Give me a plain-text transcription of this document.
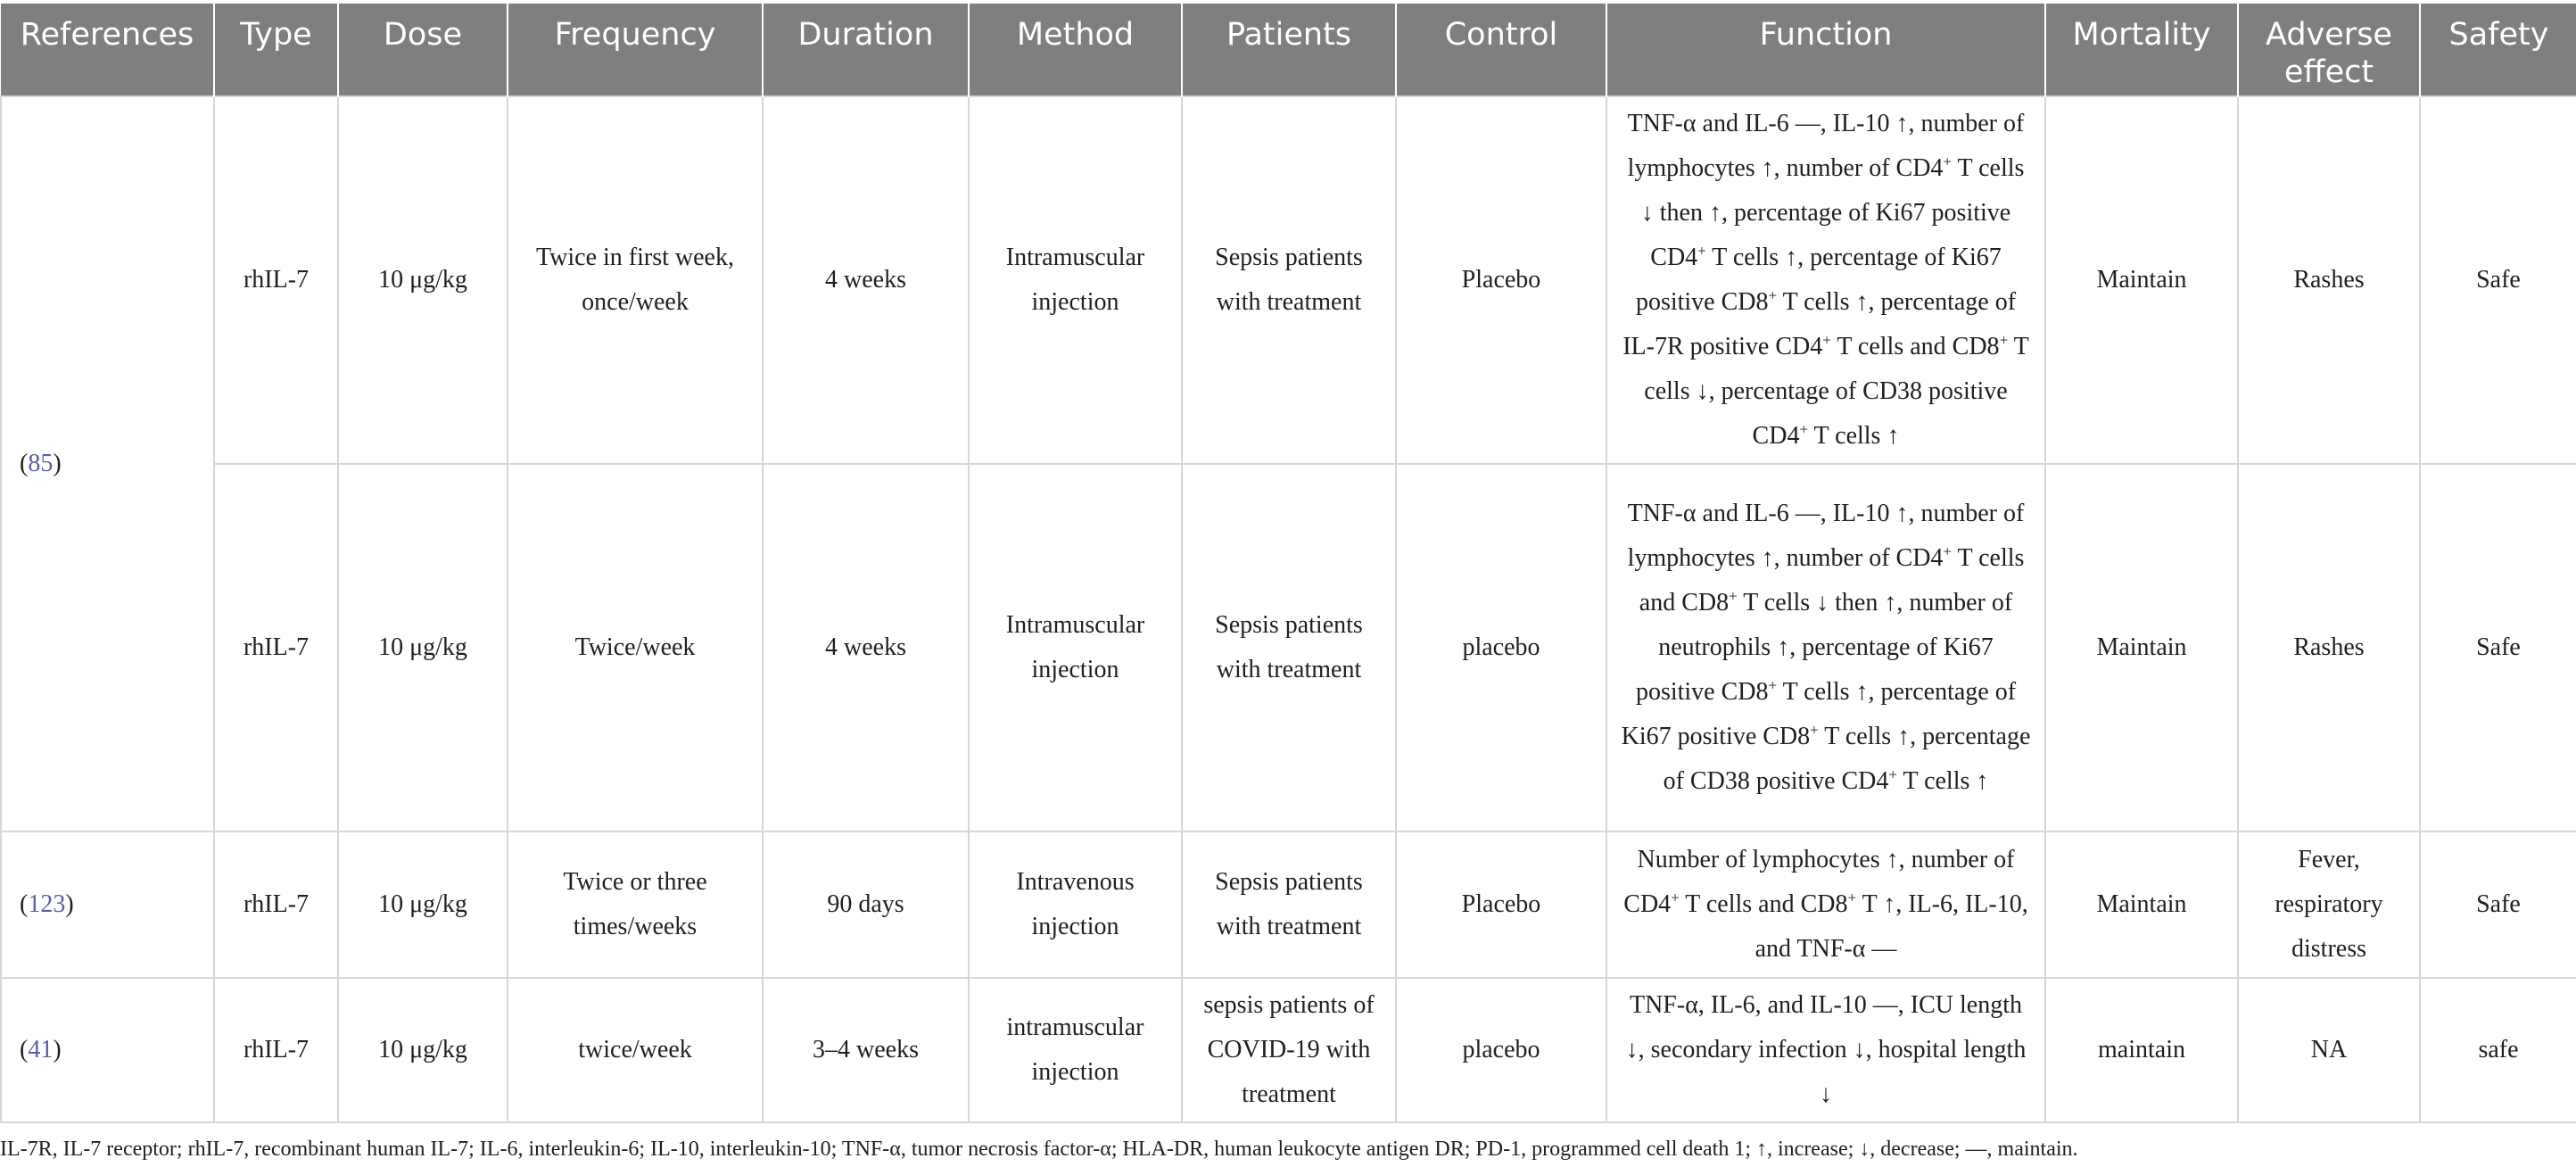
References	Type	Dose	Frequency	Duration	Method	Patients	Control	Function	Mortality	Adverse effect	Safety
(85)	rhIL-7	10 μg/kg	Twice in first week, once/week	4 weeks	Intramuscular injection	Sepsis patients with treatment	Placebo	TNF-α and IL-6 —, IL-10 ↑, number of lymphocytes ↑, number of CD4+ T cells ↓ then ↑, percentage of Ki67 positive CD4+ T cells ↑, percentage of Ki67 positive CD8+ T cells ↑, percentage of IL-7R positive CD4+ T cells and CD8+ T cells ↓, percentage of CD38 positive CD4+ T cells ↑	Maintain	Rashes	Safe
	rhIL-7	10 μg/kg	Twice/week	4 weeks	Intramuscular injection	Sepsis patients with treatment	placebo	TNF-α and IL-6 —, IL-10 ↑, number of lymphocytes ↑, number of CD4+ T cells and CD8+ T cells ↓ then ↑, number of neutrophils ↑, percentage of Ki67 positive CD8+ T cells ↑, percentage of Ki67 positive CD8+ T cells ↑, percentage of CD38 positive CD4+ T cells ↑	Maintain	Rashes	Safe
(123)	rhIL-7	10 μg/kg	Twice or three times/weeks	90 days	Intravenous injection	Sepsis patients with treatment	Placebo	Number of lymphocytes ↑, number of CD4+ T cells and CD8+ T ↑, IL-6, IL-10, and TNF-α —	Maintain	Fever, respiratory distress	Safe
(41)	rhIL-7	10 μg/kg	twice/week	3–4 weeks	intramuscular injection	sepsis patients of COVID-19 with treatment	placebo	TNF-α, IL-6, and IL-10 —, ICU length ↓, secondary infection ↓, hospital length ↓	maintain	NA	safe
IL-7R, IL-7 receptor; rhIL-7, recombinant human IL-7; IL-6, interleukin-6; IL-10, interleukin-10; TNF-α, tumor necrosis factor-α; HLA-DR, human leukocyte antigen DR; PD-1, programmed cell death 1; ↑, increase; ↓, decrease; —, maintain.
